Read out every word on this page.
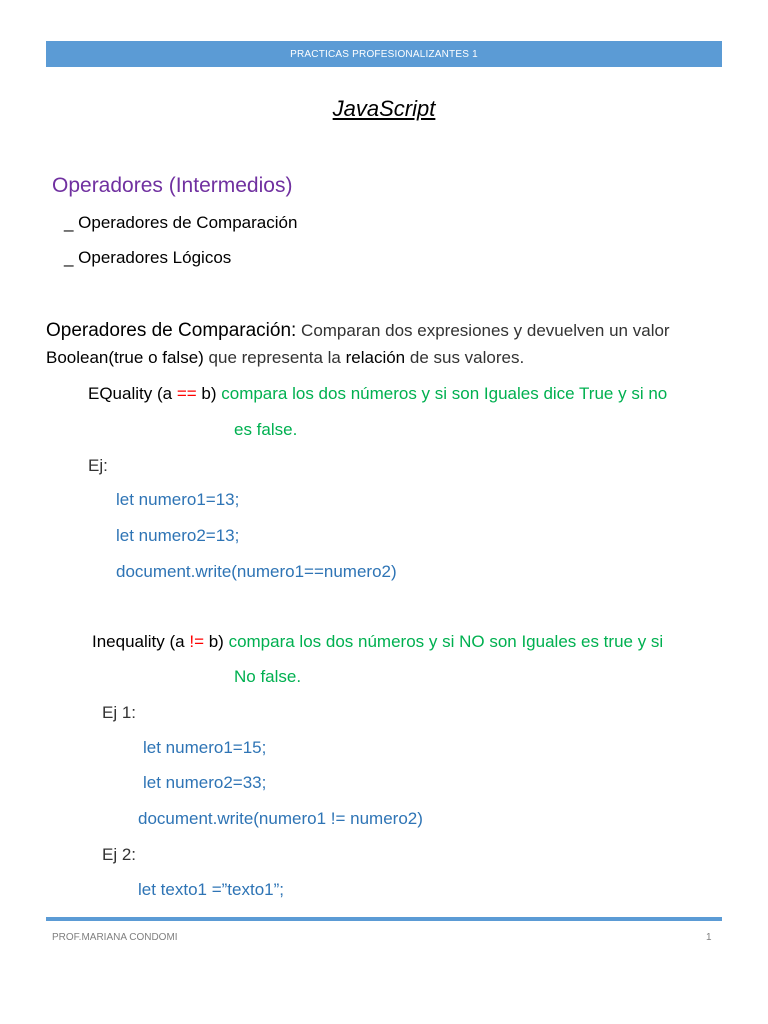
PRACTICAS PROFESIONALIZANTES 1
JavaScript
Operadores (Intermedios)
_ Operadores de Comparación
_ Operadores Lógicos
Operadores de Comparación: Comparan dos expresiones y devuelven un valor
Boolean(true o false) que representa la relación de sus valores.
EQuality (a == b) compara los dos números y si son Iguales dice True y si no
es false.
Ej:
let numero1=13;
let numero2=13;
document.write(numero1==numero2)
Inequality (a != b) compara los dos números y si NO son Iguales es true y si
No false.
Ej 1:
let numero1=15;
let numero2=33;
document.write(numero1 != numero2)
Ej 2:
let texto1 =”texto1”;
PROF.MARIANA CONDOMI	1
